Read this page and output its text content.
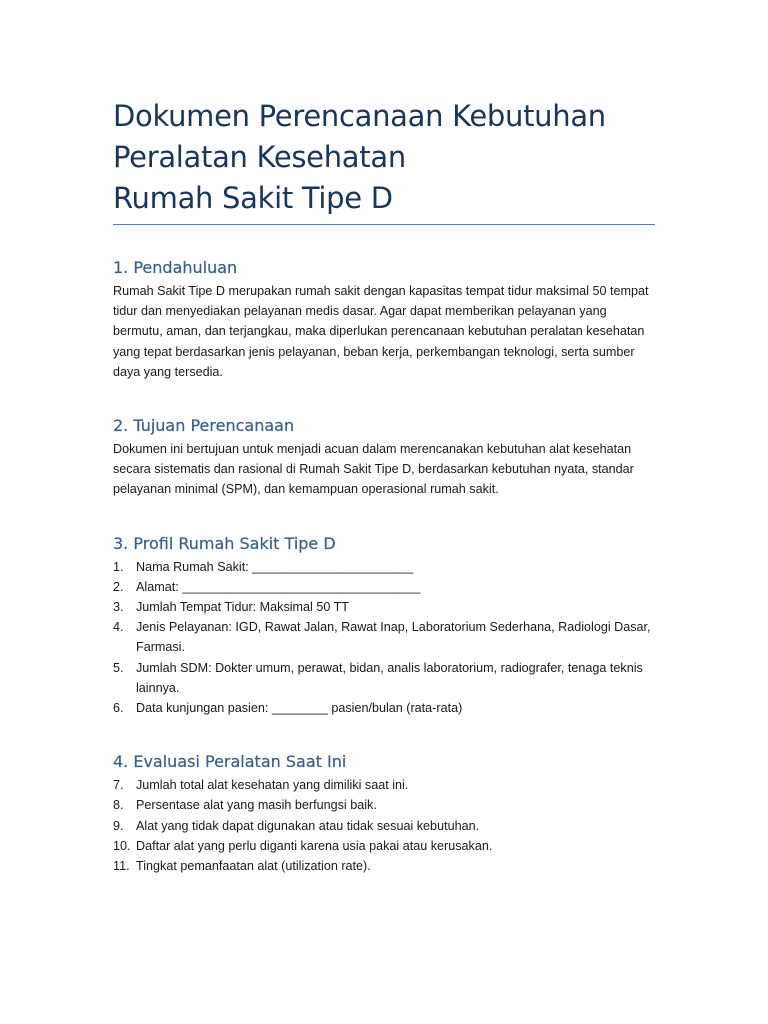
Dokumen Perencanaan Kebutuhan
Peralatan Kesehatan
Rumah Sakit Tipe D
1. Pendahuluan

Rumah Sakit Tipe D merupakan rumah sakit dengan kapasitas tempat tidur maksimal 50 tempat
tidur dan menyediakan pelayanan medis dasar. Agar dapat memberikan pelayanan yang
bermutu, aman, dan terjangkau, maka diperlukan perencanaan kebutuhan peralatan kesehatan
yang tepat berdasarkan jenis pelayanan, beban kerja, perkembangan teknologi, serta sumber
daya yang tersedia.

2. Tujuan Perencanaan

Dokumen ini bertujuan untuk menjadi acuan dalam merencanakan kebutuhan alat kesehatan
secara sistematis dan rasional di Rumah Sakit Tipe D, berdasarkan kebutuhan nyata, standar
pelayanan minimal (SPM), dan kemampuan operasional rumah sakit.

3. Profil Rumah Sakit Tipe D
1. Nama Rumah Sakit: _______________________
2. Alamat: __________________________________
3. Jumlah Tempat Tidur: Maksimal 50 TT
4. Jenis Pelayanan: IGD, Rawat Jalan, Rawat Inap, Laboratorium Sederhana, Radiologi Dasar,
Farmasi.
5. Jumlah SDM: Dokter umum, perawat, bidan, analis laboratorium, radiografer, tenaga teknis
lainnya.
6. Data kunjungan pasien: ________ pasien/bulan (rata-rata)
4. Evaluasi Peralatan Saat Ini
7. Jumlah total alat kesehatan yang dimiliki saat ini.
8. Persentase alat yang masih berfungsi baik.
9. Alat yang tidak dapat digunakan atau tidak sesuai kebutuhan.
10. Daftar alat yang perlu diganti karena usia pakai atau kerusakan.
11. Tingkat pemanfaatan alat (utilization rate).
